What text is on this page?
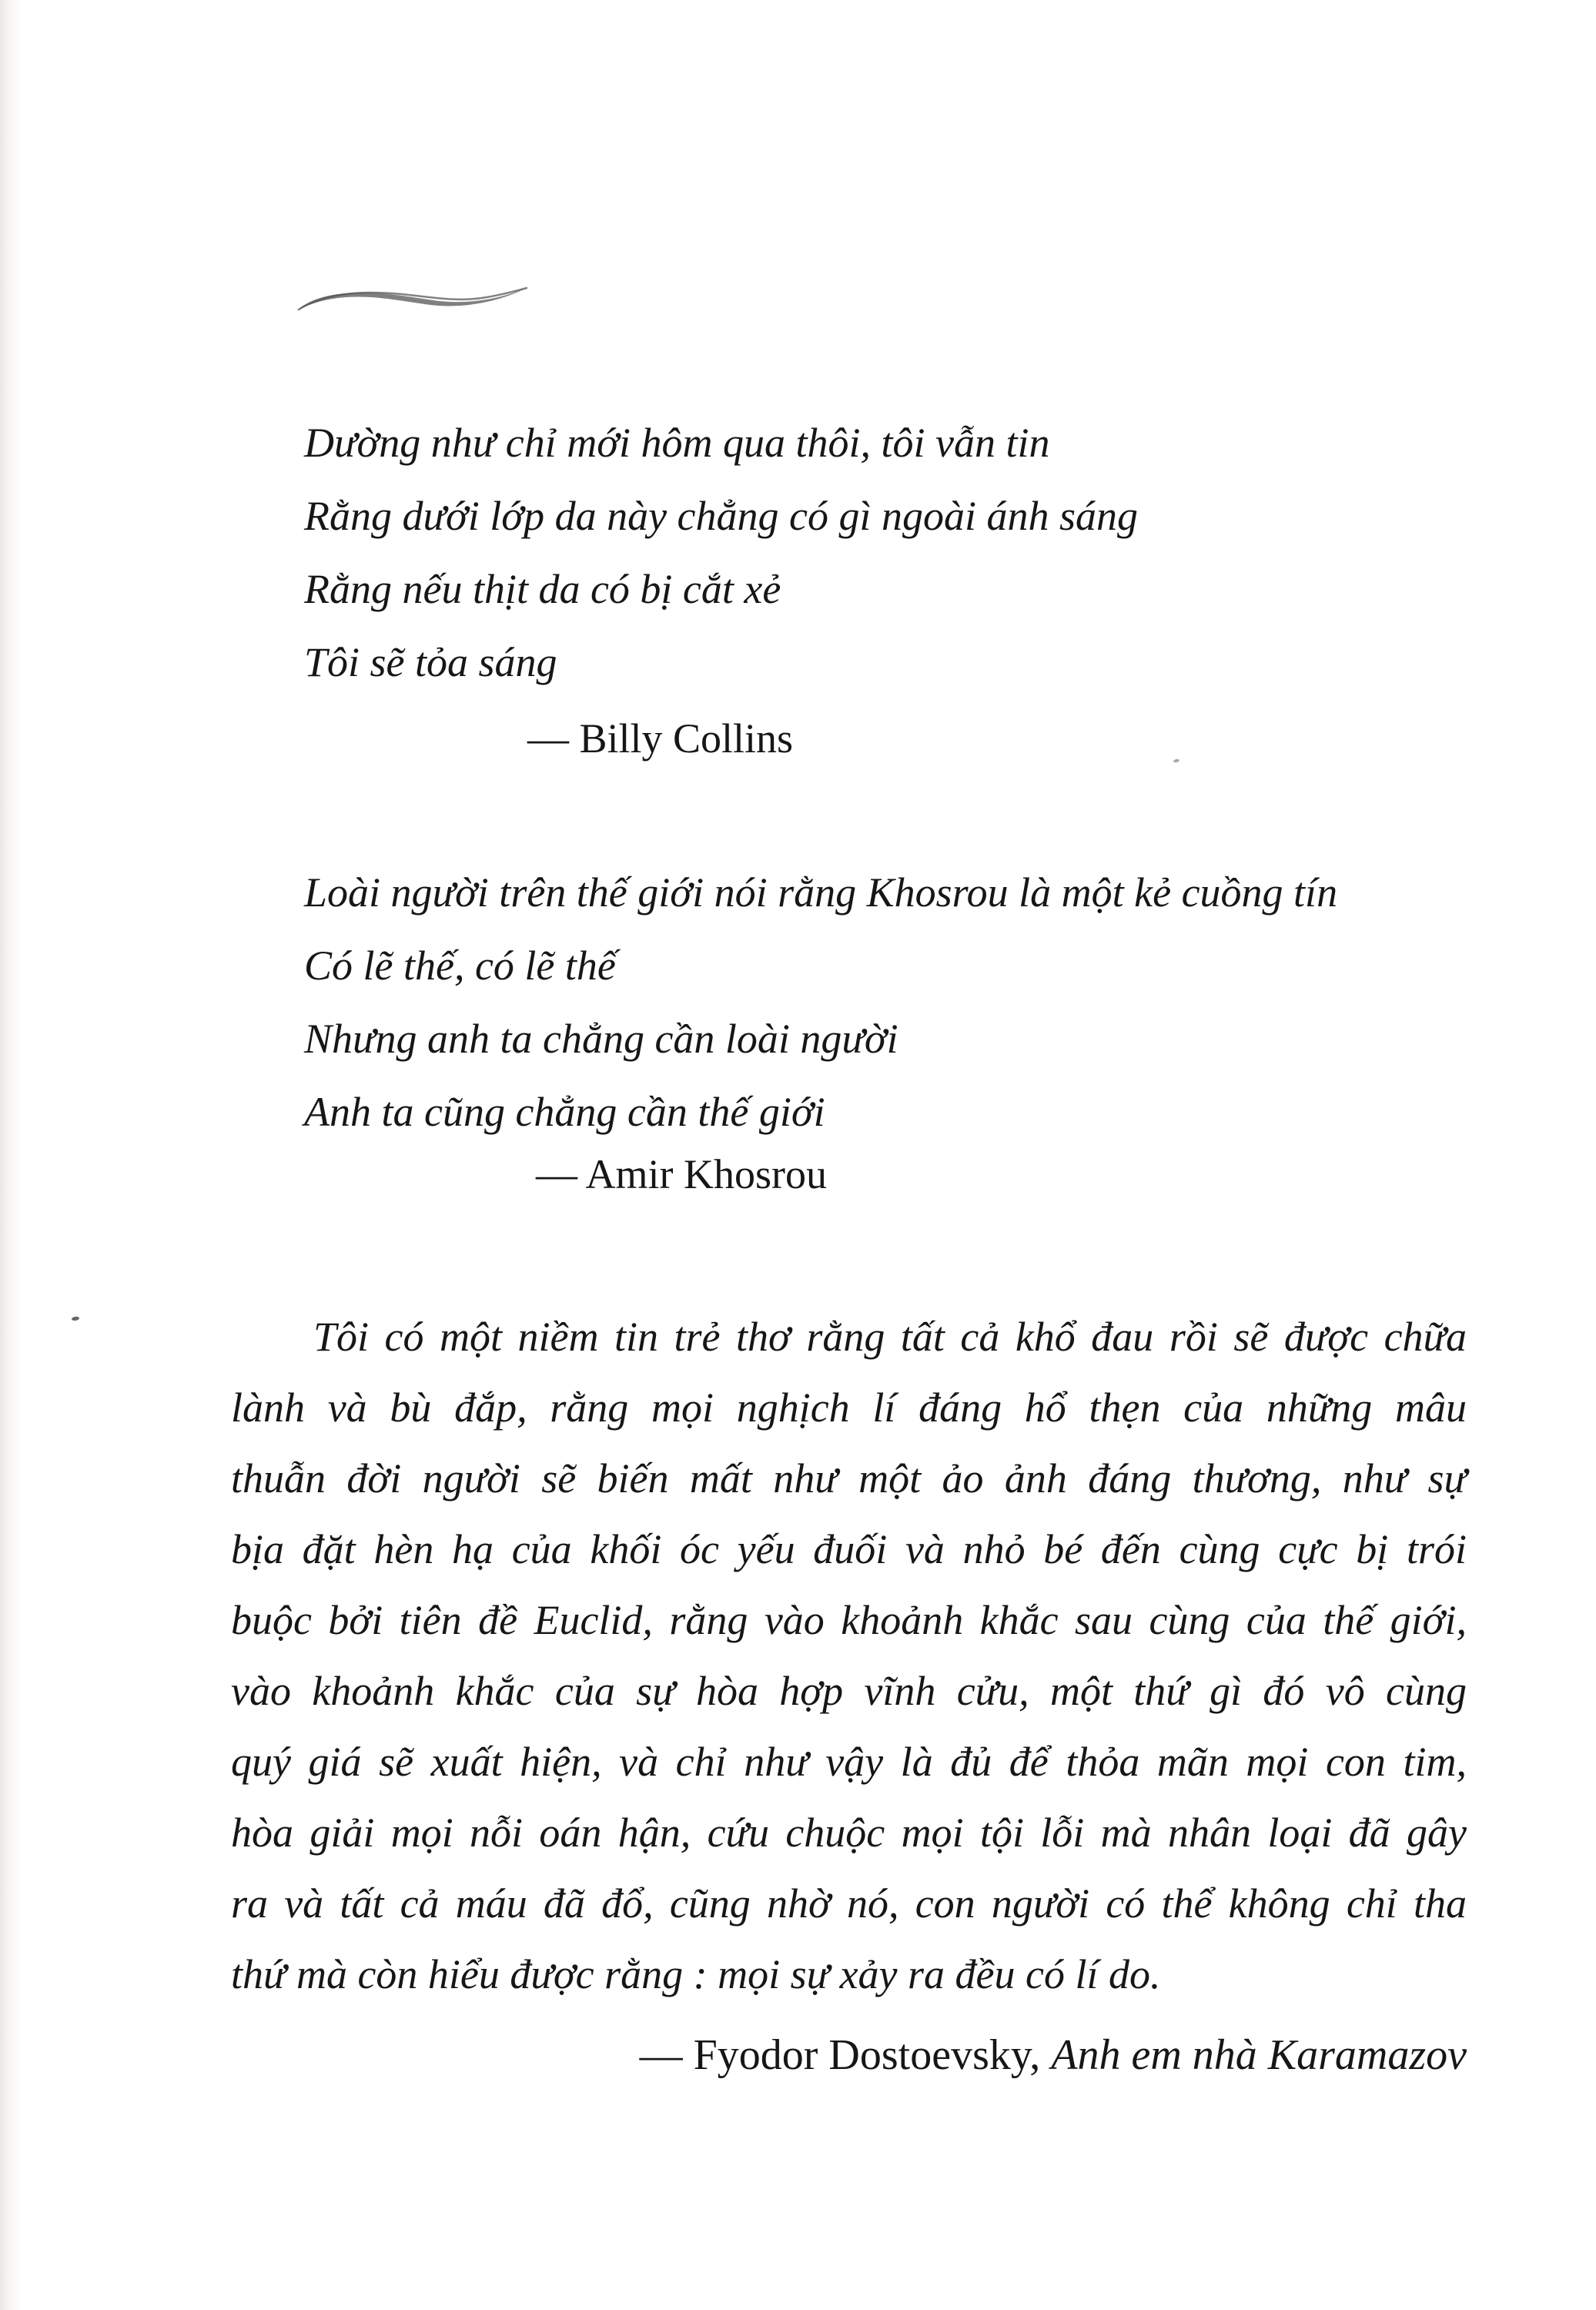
Dường như chỉ mới hôm qua thôi, tôi vẫn tin
Rằng dưới lớp da này chẳng có gì ngoài ánh sáng
Rằng nếu thịt da có bị cắt xẻ
Tôi sẽ tỏa sáng
— Billy Collins
Loài người trên thế giới nói rằng Khosrou là một kẻ cuồng tín
Có lẽ thế, có lẽ thế
Nhưng anh ta chẳng cần loài người
Anh ta cũng chẳng cần thế giới
— Amir Khosrou
Tôi có một niềm tin trẻ thơ rằng tất cả khổ đau rồi sẽ được chữa
lành và bù đắp, rằng mọi nghịch lí đáng hổ thẹn của những mâu
thuẫn đời người sẽ biến mất như một ảo ảnh đáng thương, như sự
bịa đặt hèn hạ của khối óc yếu đuối và nhỏ bé đến cùng cực bị trói
buộc bởi tiên đề Euclid, rằng vào khoảnh khắc sau cùng của thế giới,
vào khoảnh khắc của sự hòa hợp vĩnh cửu, một thứ gì đó vô cùng
quý giá sẽ xuất hiện, và chỉ như vậy là đủ để thỏa mãn mọi con tim,
hòa giải mọi nỗi oán hận, cứu chuộc mọi tội lỗi mà nhân loại đã gây
ra và tất cả máu đã đổ, cũng nhờ nó, con người có thể không chỉ tha
thứ mà còn hiểu được rằng : mọi sự xảy ra đều có lí do.
— Fyodor Dostoevsky, Anh em nhà Karamazov
